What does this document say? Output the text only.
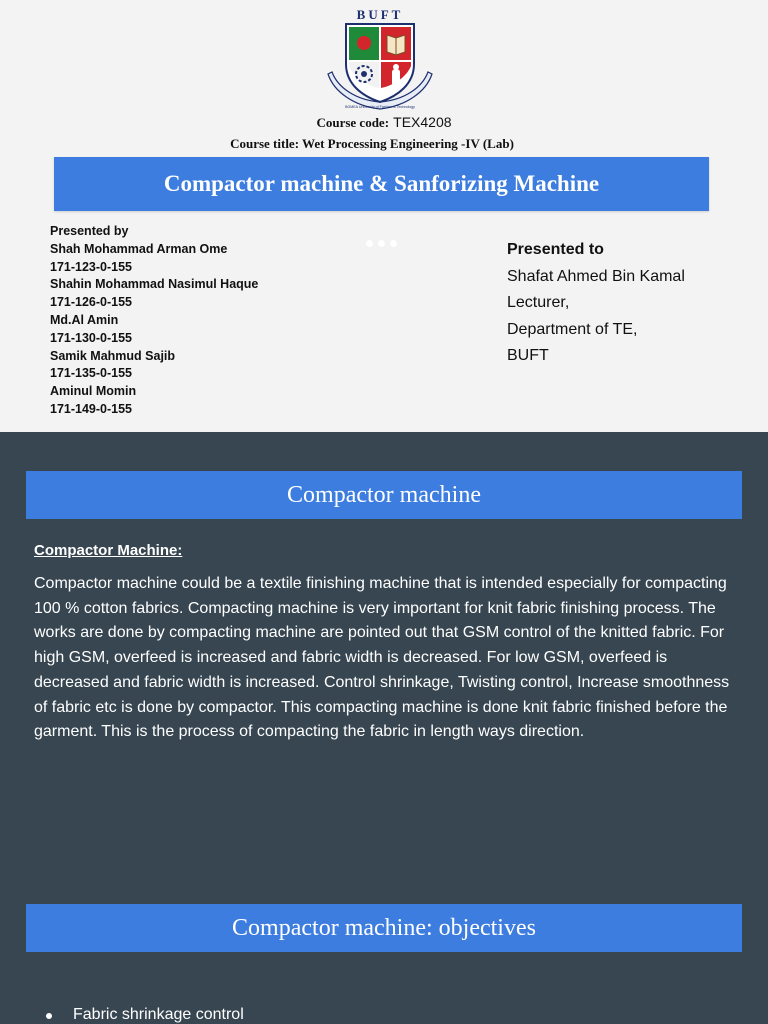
BUFT
BGMEA University of Fashion & Technology
Course code: TEX4208
Course title: Wet Processing Engineering -IV (Lab)
Compactor machine & Sanforizing Machine
Presented by
Shah Mohammad Arman Ome
171-123-0-155
Shahin Mohammad Nasimul Haque
171-126-0-155
Md.Al Amin
171-130-0-155
Samik Mahmud Sajib
171-135-0-155
Aminul Momin
171-149-0-155
Presented to
Shafat Ahmed Bin Kamal
Lecturer,
Department of TE,
BUFT
Compactor machine
Compactor Machine:

Compactor machine could be a textile finishing machine that is intended especially for compacting 100 % cotton fabrics. Compacting machine is very important for knit fabric finishing process. The works are done by compacting machine are pointed out that GSM control of the knitted fabric. For high GSM, overfeed is increased and fabric width is decreased. For low GSM, overfeed is decreased and fabric width is increased. Control shrinkage, Twisting control, Increase smoothness of fabric etc is done by compactor. This compacting machine is done knit fabric finished before the garment. This is the process of compacting the fabric in length ways direction.

Compactor machine: objectives
Fabric shrinkage control
